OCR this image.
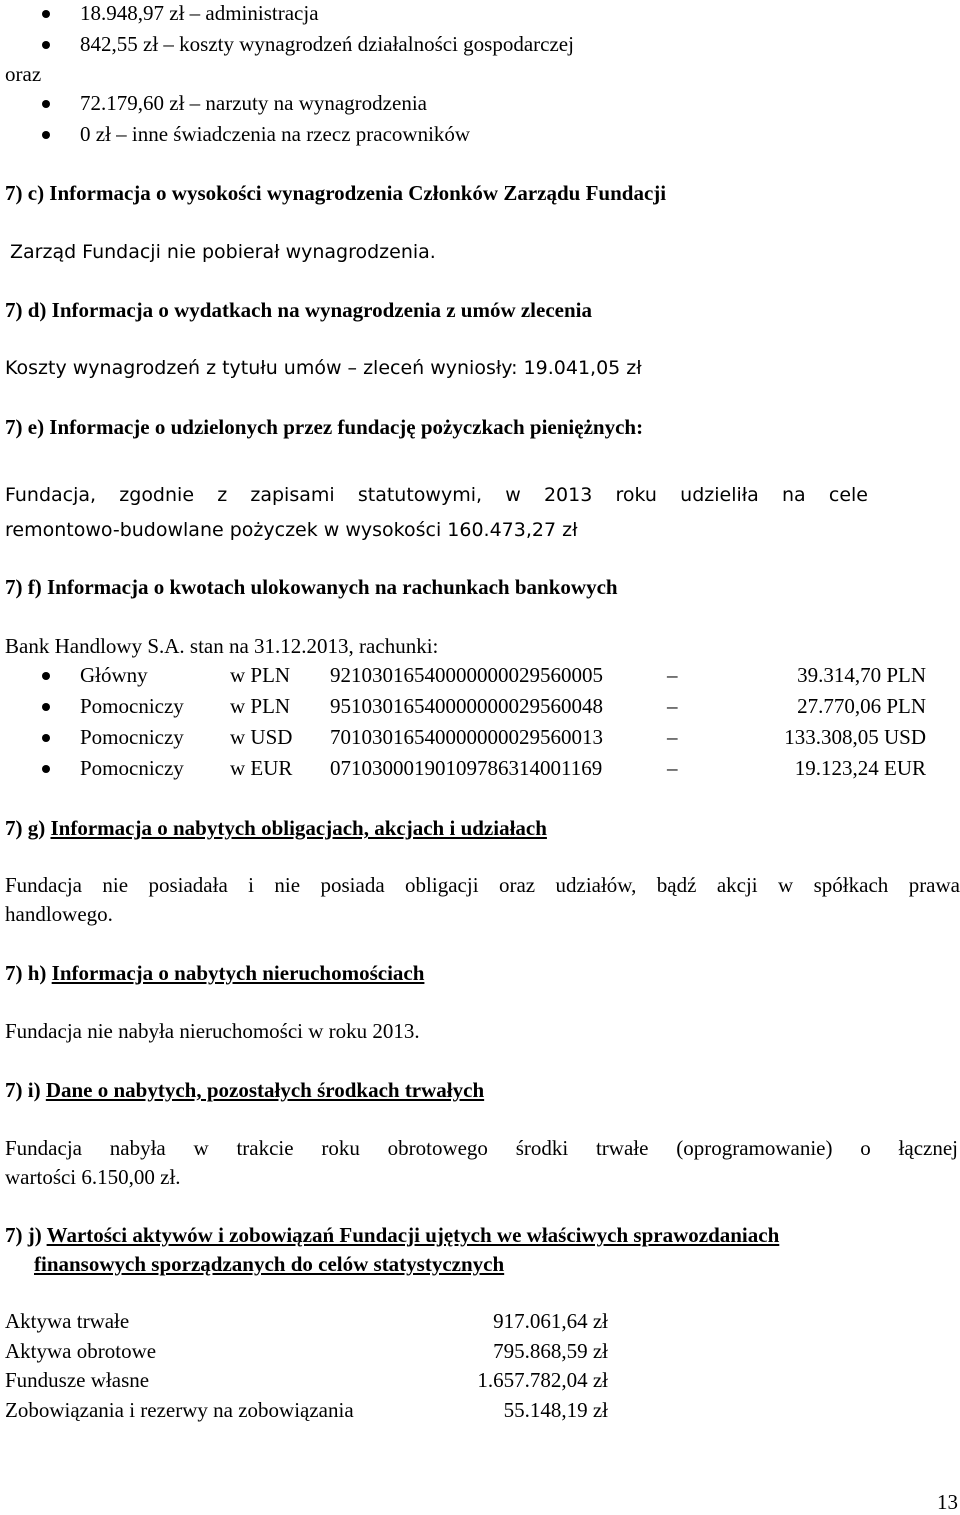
18.948,97 zł – administracja
842,55 zł – koszty wynagrodzeń działalności gospodarczej
oraz
72.179,60 zł – narzuty na wynagrodzenia
0 zł – inne świadczenia na rzecz pracowników
7) c) Informacja o wysokości wynagrodzenia Członków Zarządu Fundacji
Zarząd Fundacji nie pobierał wynagrodzenia.
7) d) Informacja o wydatkach na wynagrodzenia z umów zlecenia
Koszty wynagrodzeń z tytułu umów – zleceń wyniosły: 19.041,05 zł
7) e) Informacje o udzielonych przez fundację pożyczkach pieniężnych:
Fundacja, zgodnie z zapisami statutowymi, w 2013 roku udzieliła na cele
remontowo-budowlane pożyczek w wysokości 160.473,27 zł
7) f) Informacja o kwotach ulokowanych na rachunkach bankowych
Bank Handlowy S.A. stan na 31.12.2013, rachunki:
Główny	w PLN 92103016540000000029560005	–	39.314,70 PLN
Pomocniczy w PLN 95103016540000000029560048	–	27.770,06 PLN
Pomocniczy w USD 70103016540000000029560013	–	133.308,05 USD
Pomocniczy w EUR 07103000190109786314001169	–	19.123,24 EUR
7) g) Informacja o nabytych obligacjach, akcjach i udziałach
Fundacja nie posiadała i nie posiada obligacji oraz udziałów, bądź akcji w spółkach prawa
handlowego.
7) h) Informacja o nabytych nieruchomościach
Fundacja nie nabyła nieruchomości w roku 2013.
7) i) Dane o nabytych, pozostałych środkach trwałych
Fundacja nabyła w trakcie roku obrotowego środki trwałe (oprogramowanie) o łącznej
wartości 6.150,00 zł.
7) j) Wartości aktywów i zobowiązań Fundacji ujętych we właściwych sprawozdaniach
finansowych sporządzanych do celów statystycznych
Aktywa trwałe	917.061,64 zł
Aktywa obrotowe	795.868,59 zł
Fundusze własne	1.657.782,04 zł
Zobowiązania i rezerwy na zobowiązania	55.148,19 zł
13
